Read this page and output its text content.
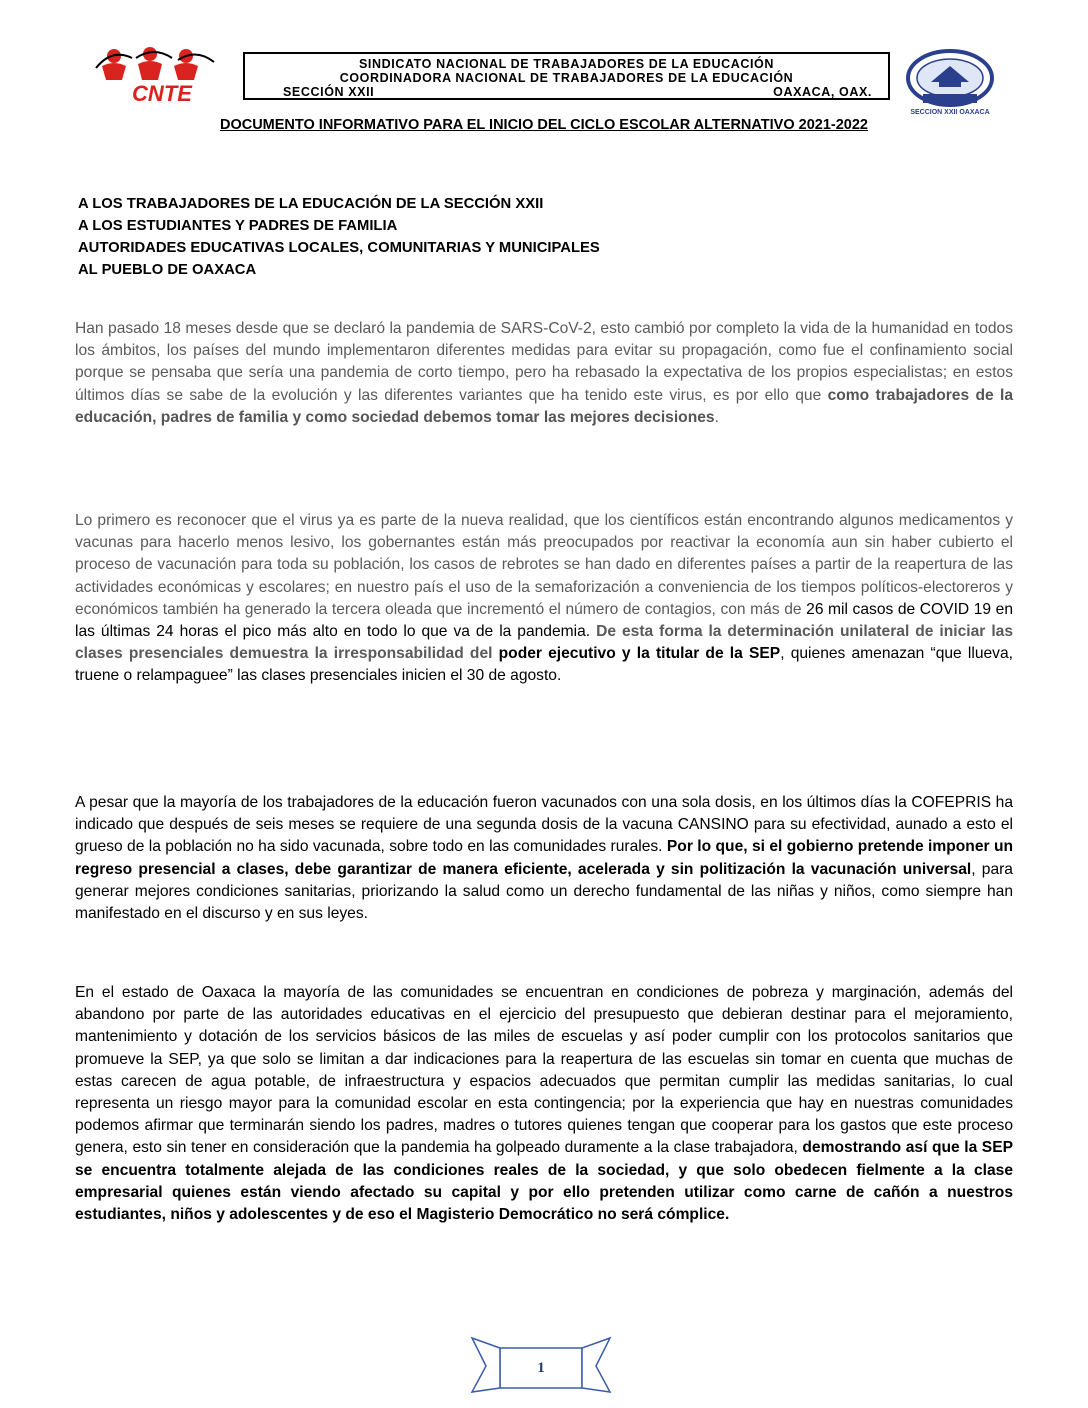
CNTE
SINDICATO NACIONAL DE TRABAJADORES DE LA EDUCACIÓN
COORDINADORA NACIONAL DE TRABAJADORES DE LA EDUCACIÓN
SECCIÓN XXII	OAXACA, OAX.
SECCION XXII OAXACA
DOCUMENTO INFORMATIVO PARA EL INICIO DEL CICLO ESCOLAR ALTERNATIVO 2021-2022
A LOS TRABAJADORES DE LA EDUCACIÓN DE LA SECCIÓN XXII
A LOS ESTUDIANTES Y PADRES DE FAMILIA
AUTORIDADES EDUCATIVAS LOCALES, COMUNITARIAS Y MUNICIPALES
AL PUEBLO DE OAXACA
Han pasado 18 meses desde que se declaró la pandemia de SARS-CoV-2, esto cambió por completo la vida de la humanidad en todos los ámbitos, los países del mundo implementaron diferentes medidas para evitar su propagación, como fue el confinamiento social porque se pensaba que sería una pandemia de corto tiempo, pero ha rebasado la expectativa de los propios especialistas; en estos últimos días se sabe de la evolución y las diferentes variantes que ha tenido este virus, es por ello que como trabajadores de la educación, padres de familia y como sociedad debemos tomar las mejores decisiones.
Lo primero es reconocer que el virus ya es parte de la nueva realidad, que los científicos están encontrando algunos medicamentos y vacunas para hacerlo menos lesivo, los gobernantes están más preocupados por reactivar la economía aun sin haber cubierto el proceso de vacunación para toda su población, los casos de rebrotes se han dado en diferentes países a partir de la reapertura de las actividades económicas y escolares; en nuestro país el uso de la semaforización a conveniencia de los tiempos políticos-electoreros y económicos también ha generado la tercera oleada que incrementó el número de contagios, con más de 26 mil casos de COVID 19 en las últimas 24 horas el pico más alto en todo lo que va de la pandemia. De esta forma la determinación unilateral de iniciar las clases presenciales demuestra la irresponsabilidad del poder ejecutivo y la titular de la SEP, quienes amenazan “que llueva, truene o relampaguee” las clases presenciales inicien el 30 de agosto.
A pesar que la mayoría de los trabajadores de la educación fueron vacunados con una sola dosis, en los últimos días la COFEPRIS ha indicado que después de seis meses se requiere de una segunda dosis de la vacuna CANSINO para su efectividad, aunado a esto el grueso de la población no ha sido vacunada, sobre todo en las comunidades rurales. Por lo que, si el gobierno pretende imponer un regreso presencial a clases, debe garantizar de manera eficiente, acelerada y sin politización la vacunación universal, para generar mejores condiciones sanitarias, priorizando la salud como un derecho fundamental de las niñas y niños, como siempre han manifestado en el discurso y en sus leyes.
En el estado de Oaxaca la mayoría de las comunidades se encuentran en condiciones de pobreza y marginación, además del abandono por parte de las autoridades educativas en el ejercicio del presupuesto que debieran destinar para el mejoramiento, mantenimiento y dotación de los servicios básicos de las miles de escuelas y así poder cumplir con los protocolos sanitarios que promueve la SEP, ya que solo se limitan a dar indicaciones para la reapertura de las escuelas sin tomar en cuenta que muchas de estas carecen de agua potable, de infraestructura y espacios adecuados que permitan cumplir las medidas sanitarias, lo cual representa un riesgo mayor para la comunidad escolar en esta contingencia; por la experiencia que hay en nuestras comunidades podemos afirmar que terminarán siendo los padres, madres o tutores quienes tengan que cooperar para los gastos que este proceso genera, esto sin tener en consideración que la pandemia ha golpeado duramente a la clase trabajadora, demostrando así que la SEP se encuentra totalmente alejada de las condiciones reales de la sociedad, y que solo obedecen fielmente a la clase empresarial quienes están viendo afectado su capital y por ello pretenden utilizar como carne de cañón a nuestros estudiantes, niños y adolescentes y de eso el Magisterio Democrático no será cómplice.
1
